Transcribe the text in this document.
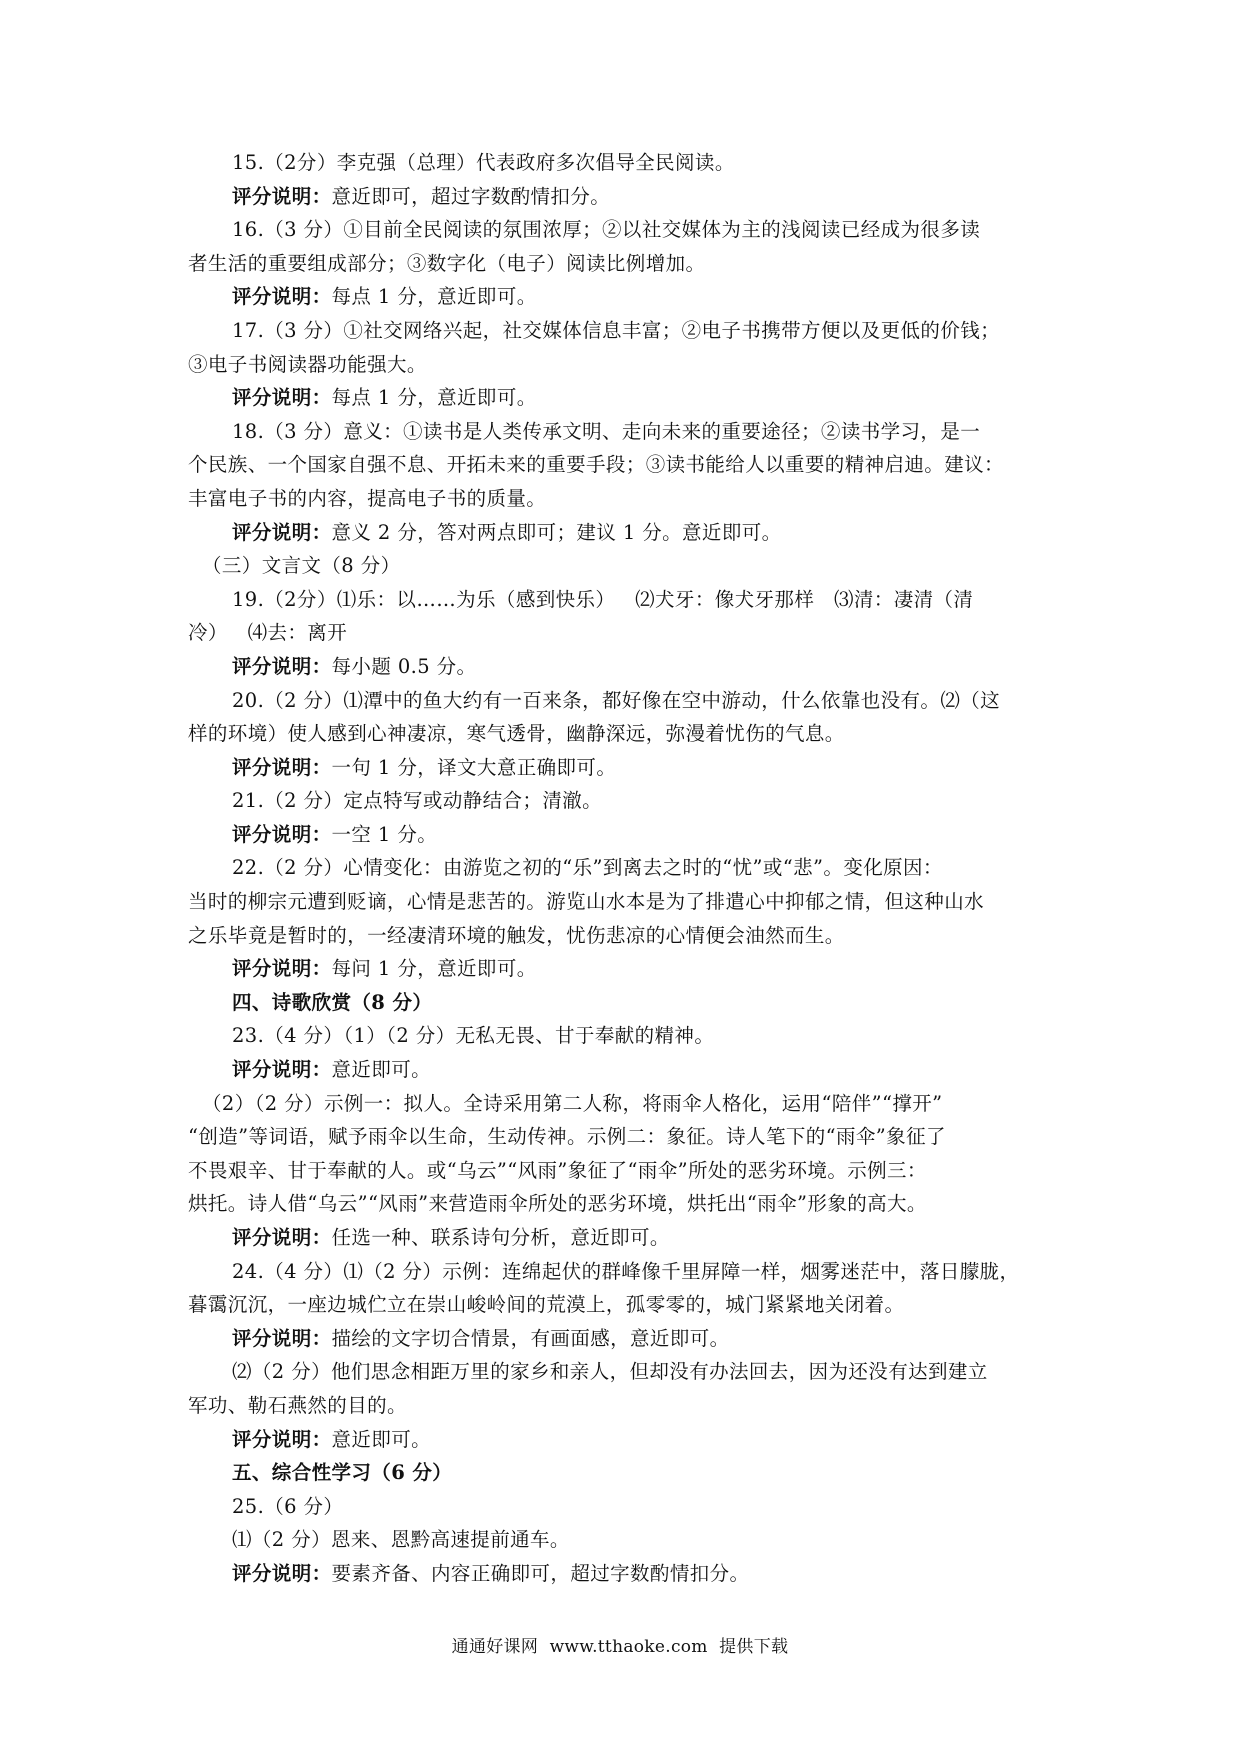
15.（2分）李克强（总理）代表政府多次倡导全民阅读。
评分说明：意近即可，超过字数酌情扣分。
16.（3 分）①目前全民阅读的氛围浓厚；②以社交媒体为主的浅阅读已经成为很多读
者生活的重要组成部分；③数字化（电子）阅读比例增加。
评分说明：每点 1 分，意近即可。
17.（3 分）①社交网络兴起，社交媒体信息丰富；②电子书携带方便以及更低的价钱；
③电子书阅读器功能强大。
评分说明：每点 1 分，意近即可。
18.（3 分）意义：①读书是人类传承文明、走向未来的重要途径；②读书学习，是一
个民族、一个国家自强不息、开拓未来的重要手段；③读书能给人以重要的精神启迪。建议：
丰富电子书的内容，提高电子书的质量。
评分说明：意义 2 分，答对两点即可；建议 1 分。意近即可。
（三）文言文（8 分）
19.（2分）⑴乐：以……为乐（感到快乐）   ⑵犬牙：像犬牙那样   ⑶清：凄清（清
冷）   ⑷去：离开
评分说明：每小题 0.5 分。
20.（2 分）⑴潭中的鱼大约有一百来条，都好像在空中游动，什么依靠也没有。⑵（这
样的环境）使人感到心神凄凉，寒气透骨，幽静深远，弥漫着忧伤的气息。
评分说明：一句 1 分，译文大意正确即可。
21.（2 分）定点特写或动静结合；清澈。
评分说明：一空 1 分。
22.（2 分）心情变化：由游览之初的“乐”到离去之时的“忧”或“悲”。变化原因：
当时的柳宗元遭到贬谪，心情是悲苦的。游览山水本是为了排遣心中抑郁之情，但这种山水
之乐毕竟是暂时的，一经凄清环境的触发，忧伤悲凉的心情便会油然而生。
评分说明：每问 1 分，意近即可。
四、诗歌欣赏（8 分）
23.（4 分）（1）（2 分）无私无畏、甘于奉献的精神。
评分说明：意近即可。
（2）（2 分）示例一：拟人。全诗采用第二人称，将雨伞人格化，运用“陪伴”“撑开”
“创造”等词语，赋予雨伞以生命，生动传神。示例二：象征。诗人笔下的“雨伞”象征了
不畏艰辛、甘于奉献的人。或“乌云”“风雨”象征了“雨伞”所处的恶劣环境。示例三：
烘托。诗人借“乌云”“风雨”来营造雨伞所处的恶劣环境，烘托出“雨伞”形象的高大。
评分说明：任选一种、联系诗句分析，意近即可。
24.（4 分）⑴（2 分）示例：连绵起伏的群峰像千里屏障一样，烟雾迷茫中，落日朦胧，
暮霭沉沉，一座边城伫立在崇山峻岭间的荒漠上，孤零零的，城门紧紧地关闭着。
评分说明：描绘的文字切合情景，有画面感，意近即可。
⑵（2 分）他们思念相距万里的家乡和亲人，但却没有办法回去，因为还没有达到建立
军功、勒石燕然的目的。
评分说明：意近即可。
五、综合性学习（6 分）
25.（6 分）
⑴（2 分）恩来、恩黔高速提前通车。
评分说明：要素齐备、内容正确即可，超过字数酌情扣分。
通通好课网  www.tthaoke.com  提供下载
